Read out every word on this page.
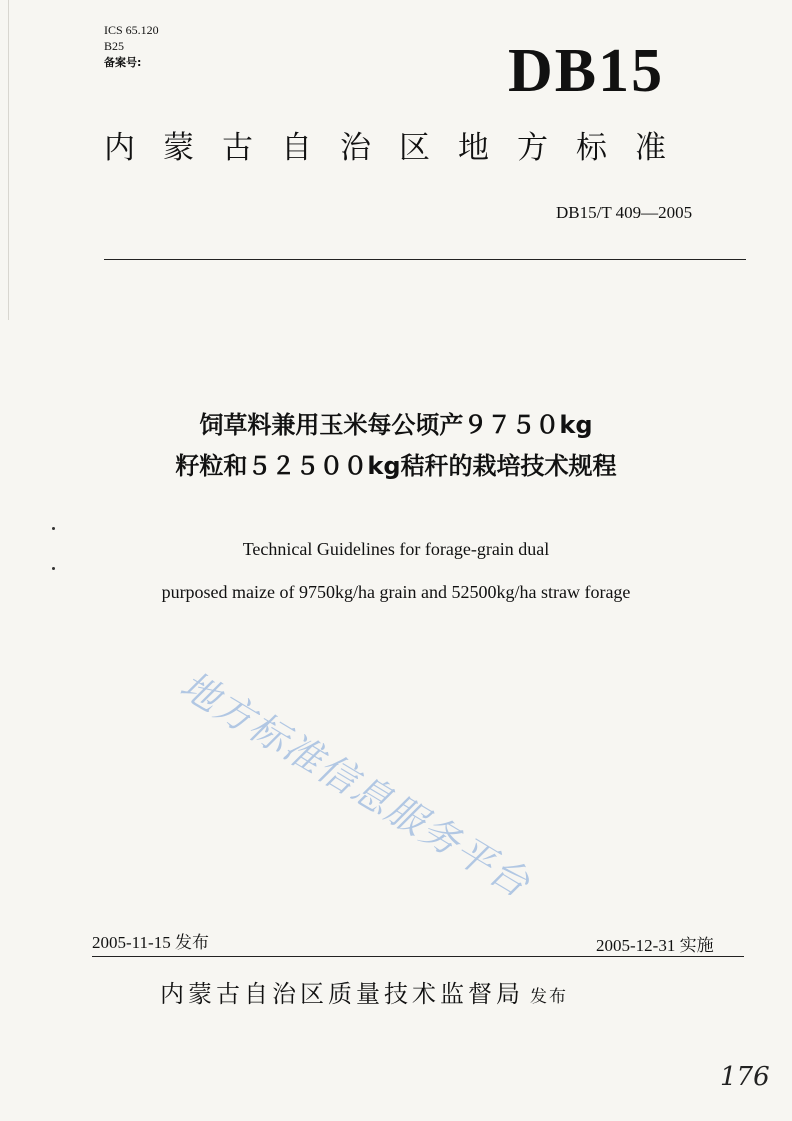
ICS 65.120
B25
备案号:	DB15
内蒙古自治区地方标准
DB15/T 409—2005
饲草料兼用玉米每公顷产９７５０kg
籽粒和５２５００kg秸秆的栽培技术规程
Technical Guidelines for forage-grain dual
purposed maize of 9750kg/ha grain and 52500kg/ha straw forage
地方标准信息服务平台
2005-11-15 发布	2005-12-31 实施
内蒙古自治区质量技术监督局 发布
176
